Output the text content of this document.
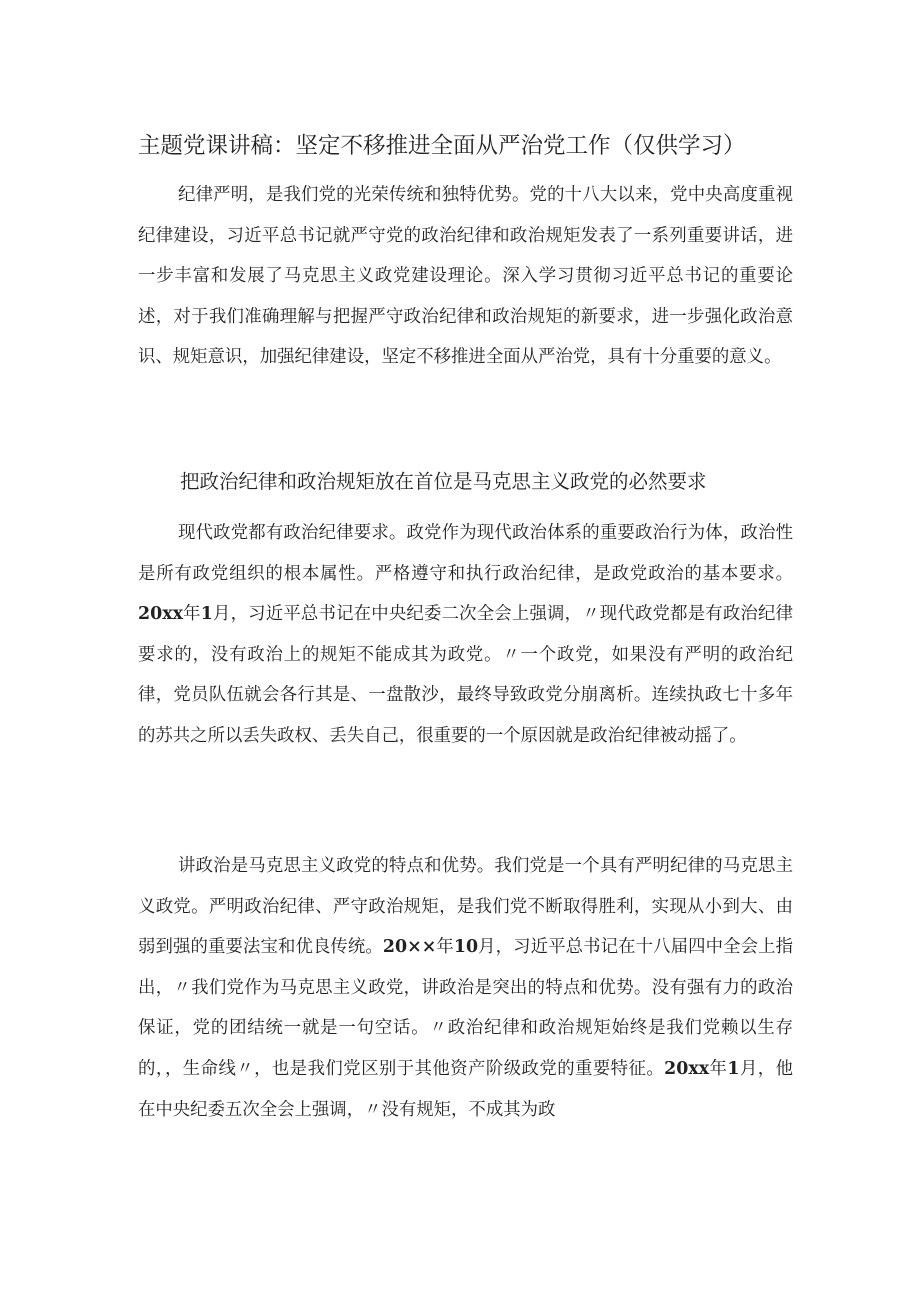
主题党课讲稿：坚定不移推进全面从严治党工作（仅供学习）

纪律严明，是我们党的光荣传统和独特优势。党的十八大以来，党中央高度重视纪律建设，习近平总书记就严守党的政治纪律和政治规矩发表了一系列重要讲话，进一步丰富和发展了马克思主义政党建设理论。深入学习贯彻习近平总书记的重要论述，对于我们准确理解与把握严守政治纪律和政治规矩的新要求，进一步强化政治意识、规矩意识，加强纪律建设，坚定不移推进全面从严治党，具有十分重要的意义。

把政治纪律和政治规矩放在首位是马克思主义政党的必然要求

现代政党都有政治纪律要求。政党作为现代政治体系的重要政治行为体，政治性是所有政党组织的根本属性。严格遵守和执行政治纪律，是政党政治的基本要求。20xx年1月，习近平总书记在中央纪委二次全会上强调，〃现代政党都是有政治纪律要求的，没有政治上的规矩不能成其为政党。〃一个政党，如果没有严明的政治纪律，党员队伍就会各行其是、一盘散沙，最终导致政党分崩离析。连续执政七十多年的苏共之所以丢失政权、丢失自己，很重要的一个原因就是政治纪律被动摇了。

讲政治是马克思主义政党的特点和优势。我们党是一个具有严明纪律的马克思主义政党。严明政治纪律、严守政治规矩，是我们党不断取得胜利，实现从小到大、由弱到强的重要法宝和优良传统。20××年10月，习近平总书记在十八届四中全会上指出，〃我们党作为马克思主义政党，讲政治是突出的特点和优势。没有强有力的政治保证，党的团结统一就是一句空话。〃政治纪律和政治规矩始终是我们党赖以生存的，，生命线〃，也是我们党区别于其他资产阶级政党的重要特征。20xx年1月，他在中央纪委五次全会上强调，〃没有规矩，不成其为政
